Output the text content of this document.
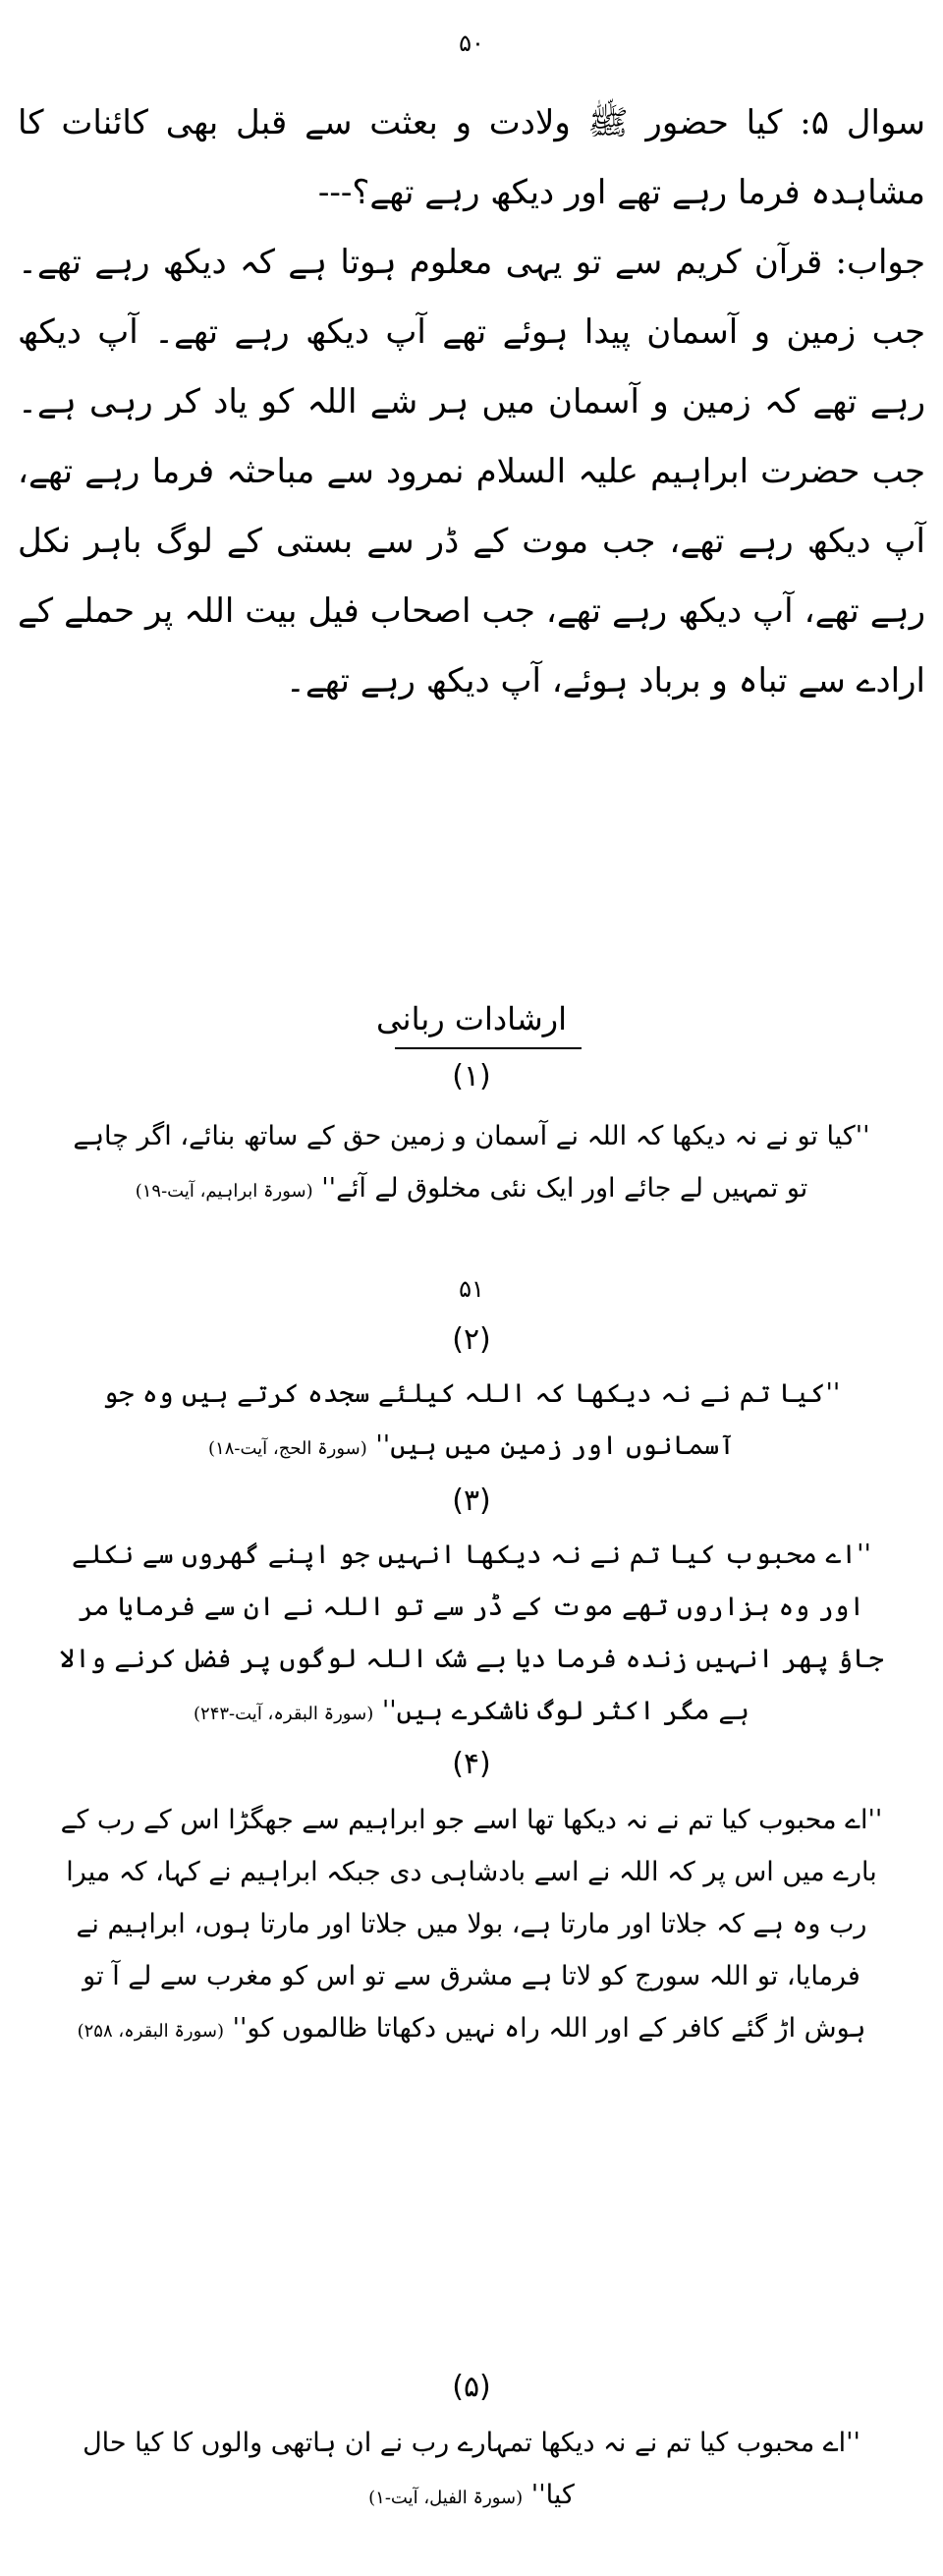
۵۰
سوال ۵: کیا حضور ﷺ ولادت و بعثت سے قبل بھی کائنات کا مشاہدہ فرما رہے تھے اور دیکھ رہے تھے؟---
جواب: قرآن کریم سے تو یہی معلوم ہوتا ہے کہ دیکھ رہے تھے۔ جب زمین و آسمان پیدا ہوئے تھے آپ دیکھ رہے تھے۔ آپ دیکھ رہے تھے کہ زمین و آسمان میں ہر شے اللہ کو یاد کر رہی ہے۔ جب حضرت ابراہیم علیہ السلام نمرود سے مباحثہ فرما رہے تھے، آپ دیکھ رہے تھے، جب موت کے ڈر سے بستی کے لوگ باہر نکل رہے تھے، آپ دیکھ رہے تھے، جب اصحاب فیل بیت اللہ پر حملے کے ارادے سے تباہ و برباد ہوئے، آپ دیکھ رہے تھے۔
ارشادات ربانی
(۱)
''کیا تو نے نہ دیکھا کہ اللہ نے آسمان و زمین حق کے ساتھ بنائے، اگر چاہے تو تمہیں لے جائے اور ایک نئی مخلوق لے آئے'' (سورۃ ابراہیم، آیت-۱۹)
۵۱
(۲)
''کیا تم نے نہ دیکھا کہ اللہ کیلئے سجدہ کرتے ہیں وہ جو آسمانوں اور زمین میں ہیں'' (سورۃ الحج، آیت-۱۸)
(۳)
''اے محبوب کیا تم نے نہ دیکھا انہیں جو اپنے گھروں سے نکلے اور وہ ہزاروں تھے موت کے ڈر سے تو اللہ نے ان سے فرمایا مر جاؤ پھر انہیں زندہ فرما دیا بے شک اللہ لوگوں پر فضل کرنے والا ہے مگر اکثر لوگ ناشکرے ہیں'' (سورۃ البقرہ، آیت-۲۴۳)
(۴)
''اے محبوب کیا تم نے نہ دیکھا تھا اسے جو ابراہیم سے جھگڑا اس کے رب کے بارے میں اس پر کہ اللہ نے اسے بادشاہی دی جبکہ ابراہیم نے کہا، کہ میرا رب وہ ہے کہ جلاتا اور مارتا ہے، بولا میں جلاتا اور مارتا ہوں، ابراہیم نے فرمایا، تو اللہ سورج کو لاتا ہے مشرق سے تو اس کو مغرب سے لے آ تو ہوش اڑ گئے کافر کے اور اللہ راہ نہیں دکھاتا ظالموں کو'' (سورۃ البقرہ، ۲۵۸)
(۵)
''اے محبوب کیا تم نے نہ دیکھا تمہارے رب نے ان ہاتھی والوں کا کیا حال کیا'' (سورۃ الفیل، آیت-۱)
